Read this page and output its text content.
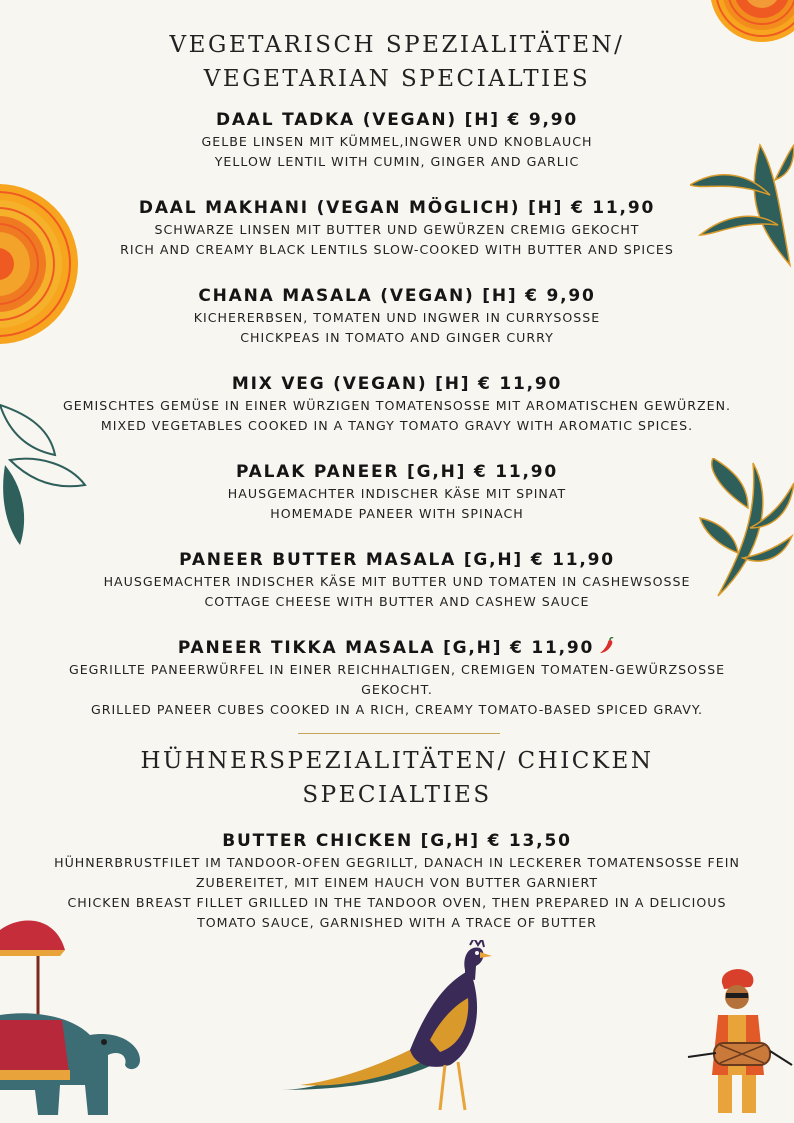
VEGETARISCH SPEZIALITÄTEN/
VEGETARIAN SPECIALTIES

DAAL TADKA (VEGAN) [H] € 9,90

GELBE LINSEN MIT KÜMMEL,INGWER UND KNOBLAUCH

YELLOW LENTIL WITH CUMIN, GINGER AND GARLIC

DAAL MAKHANI (VEGAN MÖGLICH) [H] € 11,90

SCHWARZE LINSEN MIT BUTTER UND GEWÜRZEN CREMIG GEKOCHT

RICH AND CREAMY BLACK LENTILS SLOW-COOKED WITH BUTTER AND SPICES

CHANA MASALA (VEGAN) [H] € 9,90

KICHERERBSEN, TOMATEN UND INGWER IN CURRYSOSSE

CHICKPEAS IN TOMATO AND GINGER CURRY

MIX VEG (VEGAN) [H] € 11,90

GEMISCHTES GEMÜSE IN EINER WÜRZIGEN TOMATENSOSSE MIT AROMATISCHEN GEWÜRZEN.

MIXED VEGETABLES COOKED IN A TANGY TOMATO GRAVY WITH AROMATIC SPICES.

PALAK PANEER [G,H] € 11,90

HAUSGEMACHTER INDISCHER KÄSE MIT SPINAT

HOMEMADE PANEER WITH SPINACH

PANEER BUTTER MASALA [G,H] € 11,90

HAUSGEMACHTER INDISCHER KÄSE MIT BUTTER UND TOMATEN IN CASHEWSOSSE

COTTAGE CHEESE WITH BUTTER AND CASHEW SAUCE

PANEER TIKKA MASALA [G,H] € 11,90

GEGRILLTE PANEERWÜRFEL IN EINER REICHHALTIGEN, CREMIGEN TOMATEN-GEWÜRZSOSSE GEKOCHT.

GRILLED PANEER CUBES COOKED IN A RICH, CREAMY TOMATO-BASED SPICED GRAVY.

HÜHNERSPEZIALITÄTEN/ CHICKEN
SPECIALTIES

BUTTER CHICKEN [G,H] € 13,50

HÜHNERBRUSTFILET IM TANDOOR-OFEN GEGRILLT, DANACH IN LECKERER TOMATENSOSSE FEIN ZUBEREITET, MIT EINEM HAUCH VON BUTTER GARNIERT

CHICKEN BREAST FILLET GRILLED IN THE TANDOOR OVEN, THEN PREPARED IN A DELICIOUS TOMATO SAUCE, GARNISHED WITH A TRACE OF BUTTER
